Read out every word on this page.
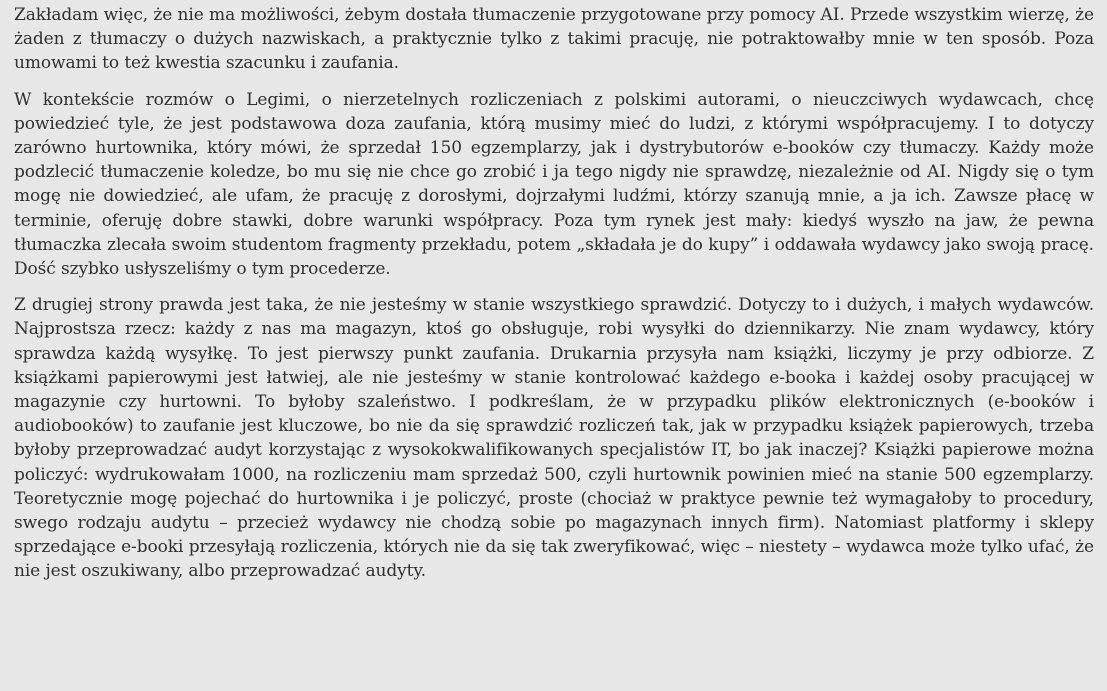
Zakładam więc, że nie ma możliwości, żebym dostała tłumaczenie przygotowane przy pomocy AI. Przede wszystkim wierzę, że żaden z tłumaczy o dużych nazwiskach, a praktycznie tylko z takimi pracuję, nie potraktowałby mnie w ten sposób. Poza umowami to też kwestia szacunku i zaufania.

W kontekście rozmów o Legimi, o nierzetelnych rozliczeniach z polskimi autorami, o nieuczciwych wydawcach, chcę powiedzieć tyle, że jest podstawowa doza zaufania, którą musimy mieć do ludzi, z którymi współpracujemy. I to dotyczy zarówno hurtownika, który mówi, że sprzedał 150 egzemplarzy, jak i dystrybutorów e-booków czy tłumaczy. Każdy może podzlecić tłumaczenie koledze, bo mu się nie chce go zrobić i ja tego nigdy nie sprawdzę, niezależnie od AI. Nigdy się o tym mogę nie dowiedzieć, ale ufam, że pracuję z dorosłymi, dojrzałymi ludźmi, którzy szanują mnie, a ja ich. Zawsze płacę w terminie, oferuję dobre stawki, dobre warunki współpracy. Poza tym rynek jest mały: kiedyś wyszło na jaw, że pewna tłumaczka zlecała swoim studentom fragmenty przekładu, potem „składała je do kupy” i oddawała wydawcy jako swoją pracę. Dość szybko usłyszeliśmy o tym procederze.

Z drugiej strony prawda jest taka, że nie jesteśmy w stanie wszystkiego sprawdzić. Dotyczy to i dużych, i małych wydawców. Najprostsza rzecz: każdy z nas ma magazyn, ktoś go obsługuje, robi wysyłki do dziennikarzy. Nie znam wydawcy, który sprawdza każdą wysyłkę. To jest pierwszy punkt zaufania. Drukarnia przysyła nam książki, liczymy je przy odbiorze. Z książkami papierowymi jest łatwiej, ale nie jesteśmy w stanie kontrolować każdego e-booka i każdej osoby pracującej w magazynie czy hurtowni. To byłoby szaleństwo. I podkreślam, że w przypadku plików elektronicznych (e-booków i audiobooków) to zaufanie jest kluczowe, bo nie da się sprawdzić rozliczeń tak, jak w przypadku książek papierowych, trzeba byłoby przeprowadzać audyt korzystając z wysokokwalifikowanych specjalistów IT, bo jak inaczej? Książki papierowe można policzyć: wydrukowałam 1000, na rozliczeniu mam sprzedaż 500, czyli hurtownik powinien mieć na stanie 500 egzemplarzy. Teoretycznie mogę pojechać do hurtownika i je policzyć, proste (chociaż w praktyce pewnie też wymagałoby to procedury, swego rodzaju audytu – przecież wydawcy nie chodzą sobie po magazynach innych firm). Natomiast platformy i sklepy sprzedające e-booki przesyłają rozliczenia, których nie da się tak zweryfikować, więc – niestety – wydawca może tylko ufać, że nie jest oszukiwany, albo przeprowadzać audyty.
